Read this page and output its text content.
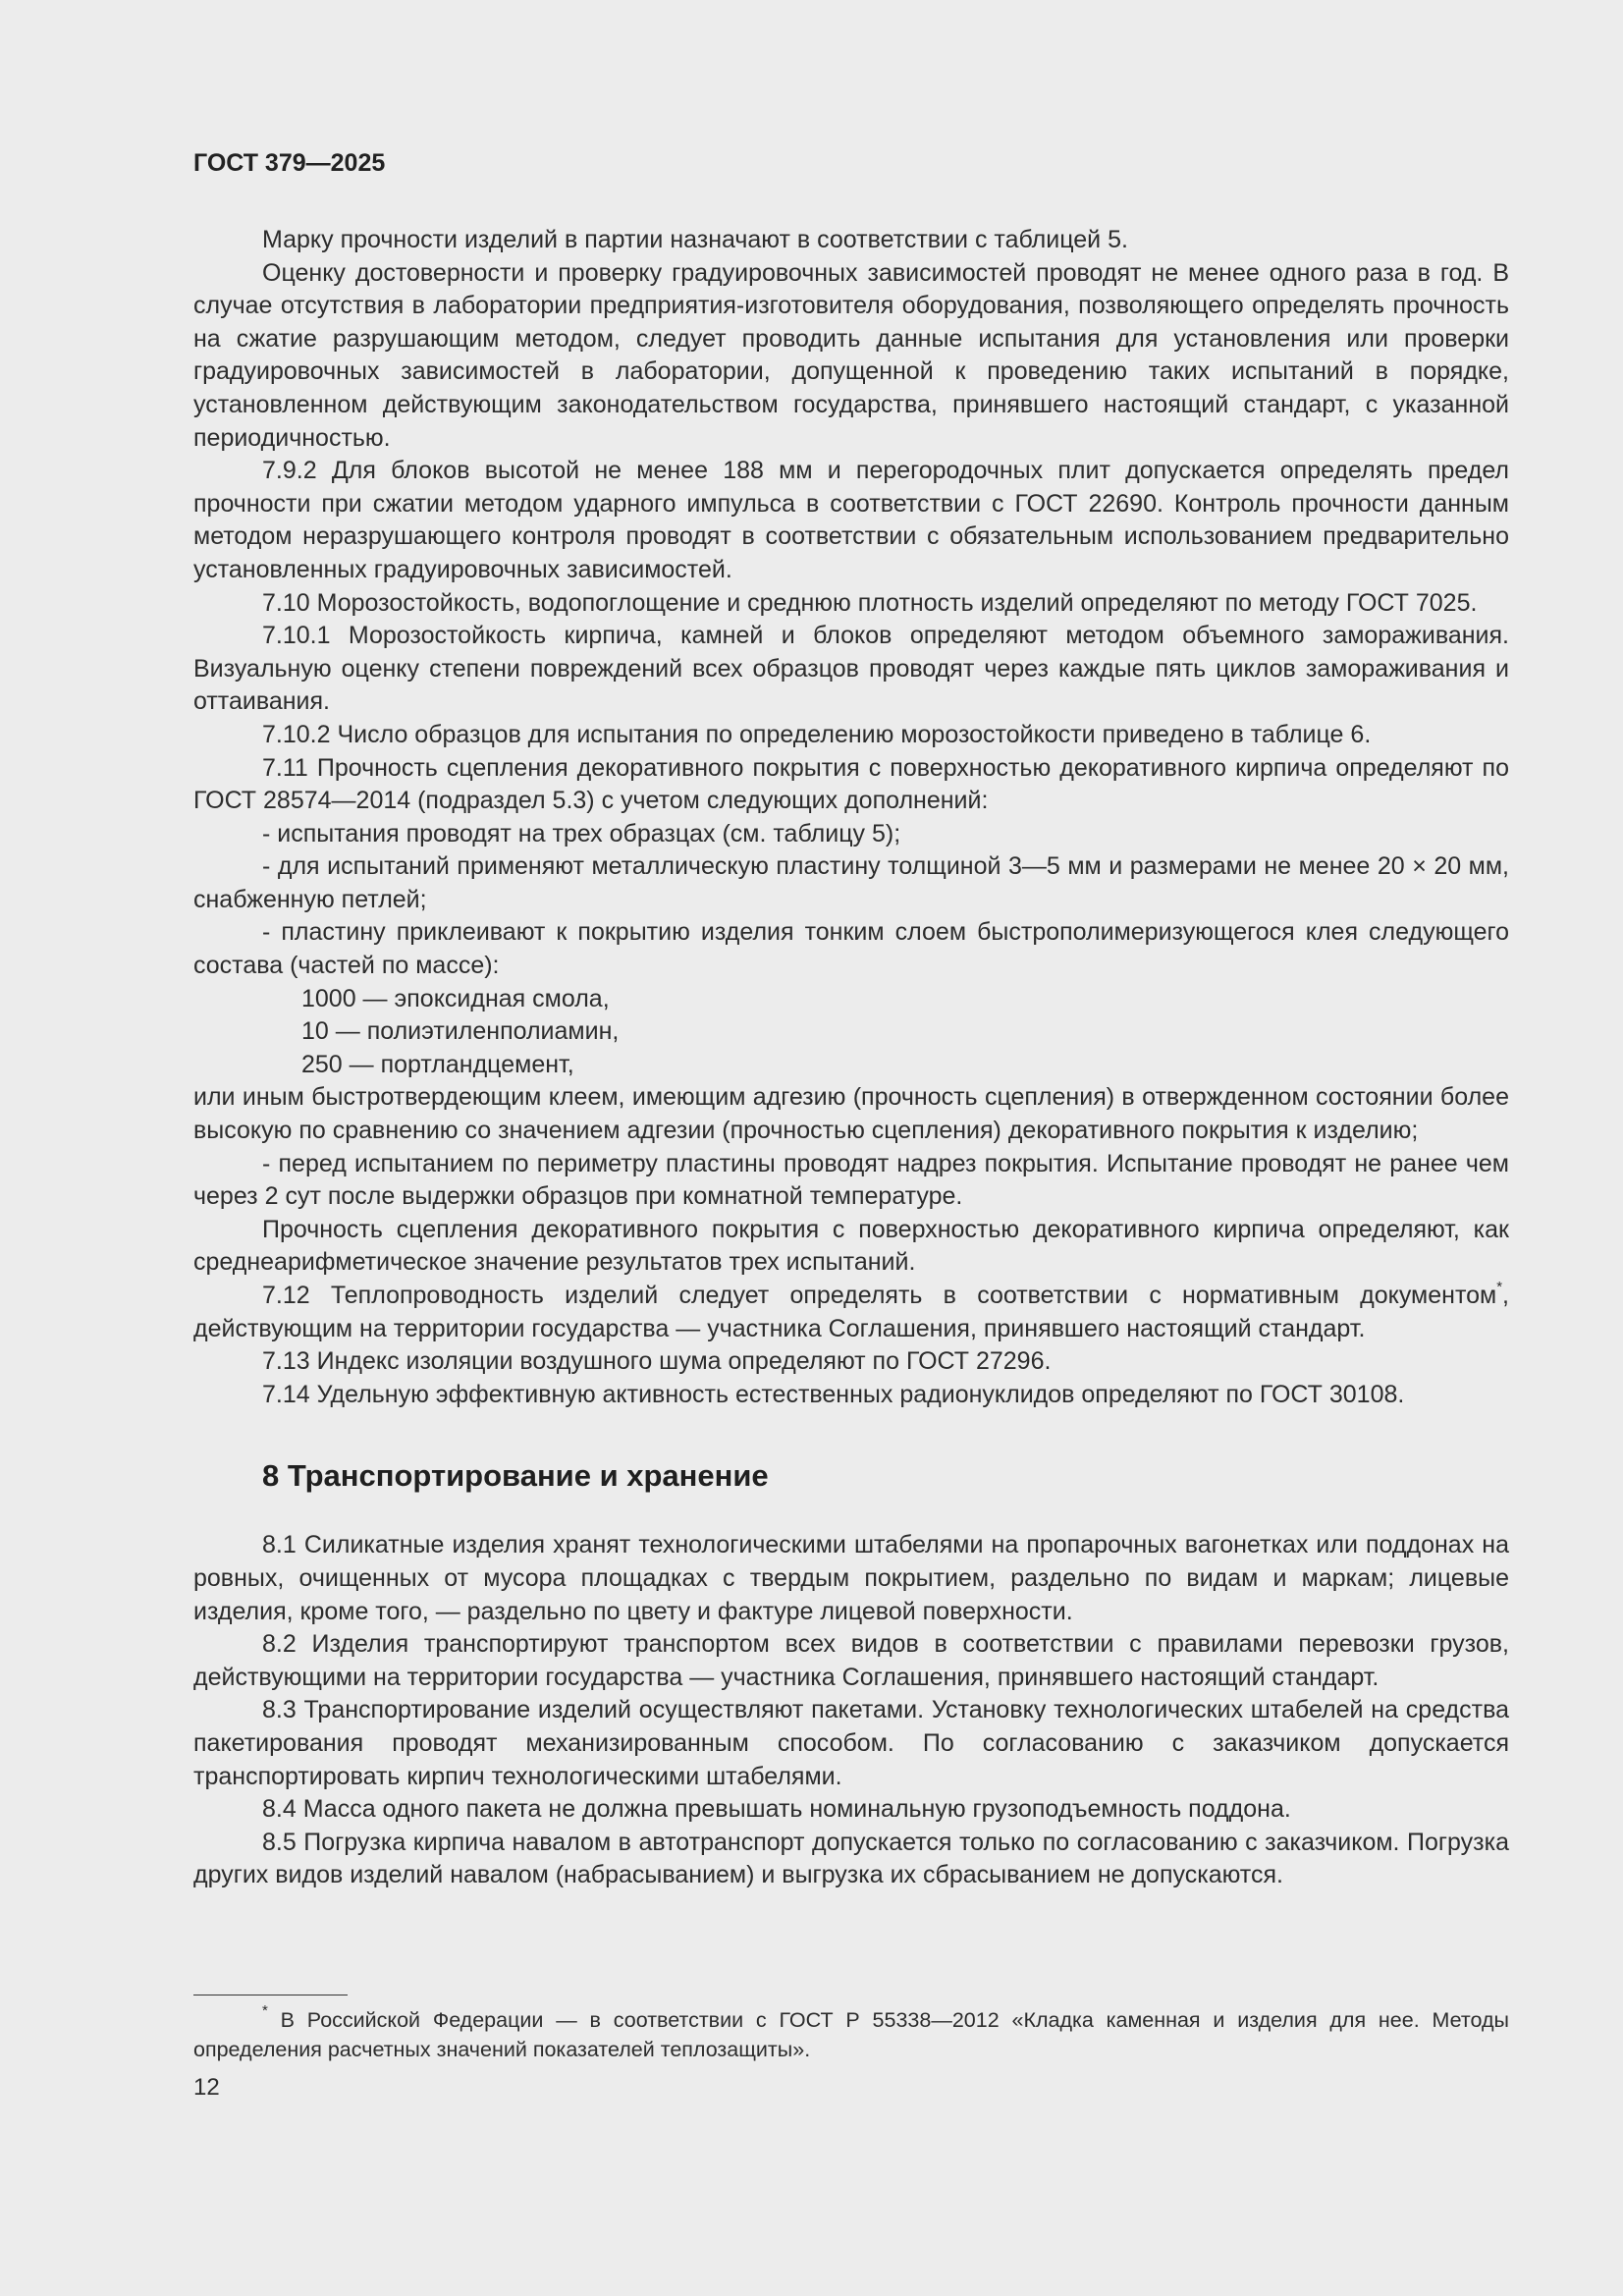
ГОСТ 379—2025

Марку прочности изделий в партии назначают в соответствии с таблицей 5.

Оценку достоверности и проверку градуировочных зависимостей проводят не менее одного раза в год. В случае отсутствия в лаборатории предприятия-изготовителя оборудования, позволяющего определять прочность на сжатие разрушающим методом, следует проводить данные испытания для установления или проверки градуировочных зависимостей в лаборатории, допущенной к проведению таких испытаний в порядке, установленном действующим законодательством государства, принявшего настоящий стандарт, с указанной периодичностью.

7.9.2 Для блоков высотой не менее 188 мм и перегородочных плит допускается определять предел прочности при сжатии методом ударного импульса в соответствии с ГОСТ 22690. Контроль прочности данным методом неразрушающего контроля проводят в соответствии с обязательным использованием предварительно установленных градуировочных зависимостей.

7.10 Морозостойкость, водопоглощение и среднюю плотность изделий определяют по методу ГОСТ 7025.

7.10.1 Морозостойкость кирпича, камней и блоков определяют методом объемного замораживания. Визуальную оценку степени повреждений всех образцов проводят через каждые пять циклов замораживания и оттаивания.

7.10.2 Число образцов для испытания по определению морозостойкости приведено в таблице 6.

7.11 Прочность сцепления декоративного покрытия с поверхностью декоративного кирпича определяют по ГОСТ 28574—2014 (подраздел 5.3) с учетом следующих дополнений:

- испытания проводят на трех образцах (см. таблицу 5);

- для испытаний применяют металлическую пластину толщиной 3—5 мм и размерами не менее 20 × 20 мм, снабженную петлей;

- пластину приклеивают к покрытию изделия тонким слоем быстрополимеризующегося клея следующего состава (частей по массе):

1000 — эпоксидная смола,

10 — полиэтиленполиамин,

250 — портландцемент,

или иным быстротвердеющим клеем, имеющим адгезию (прочность сцепления) в отвержденном состоянии более высокую по сравнению со значением адгезии (прочностью сцепления) декоративного покрытия к изделию;

- перед испытанием по периметру пластины проводят надрез покрытия. Испытание проводят не ранее чем через 2 сут после выдержки образцов при комнатной температуре.

Прочность сцепления декоративного покрытия с поверхностью декоративного кирпича определяют, как среднеарифметическое значение результатов трех испытаний.

7.12 Теплопроводность изделий следует определять в соответствии с нормативным документом*, действующим на территории государства — участника Соглашения, принявшего настоящий стандарт.

7.13 Индекс изоляции воздушного шума определяют по ГОСТ 27296.

7.14 Удельную эффективную активность естественных радионуклидов определяют по ГОСТ 30108.

8 Транспортирование и хранение

8.1 Силикатные изделия хранят технологическими штабелями на пропарочных вагонетках или поддонах на ровных, очищенных от мусора площадках с твердым покрытием, раздельно по видам и маркам; лицевые изделия, кроме того, — раздельно по цвету и фактуре лицевой поверхности.

8.2 Изделия транспортируют транспортом всех видов в соответствии с правилами перевозки грузов, действующими на территории государства — участника Соглашения, принявшего настоящий стандарт.

8.3 Транспортирование изделий осуществляют пакетами. Установку технологических штабелей на средства пакетирования проводят механизированным способом. По согласованию с заказчиком допускается транспортировать кирпич технологическими штабелями.

8.4 Масса одного пакета не должна превышать номинальную грузоподъемность поддона.

8.5 Погрузка кирпича навалом в автотранспорт допускается только по согласованию с заказчиком. Погрузка других видов изделий навалом (набрасыванием) и выгрузка их сбрасыванием не допускаются.

* В Российской Федерации — в соответствии с ГОСТ Р 55338—2012 «Кладка каменная и изделия для нее. Методы определения расчетных значений показателей теплозащиты».
12
